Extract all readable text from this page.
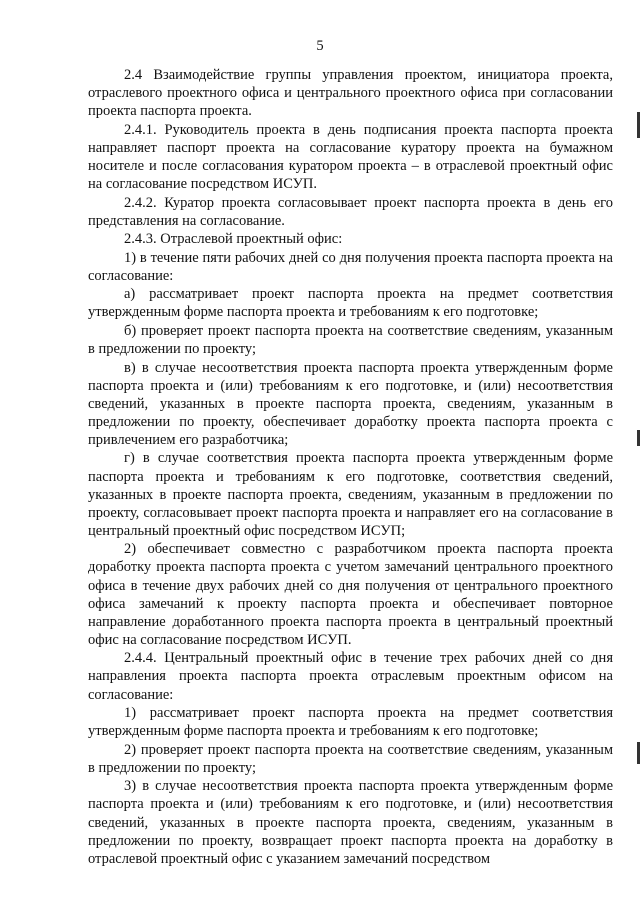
5

2.4 Взаимодействие группы управления проектом, инициатора проекта, отраслевого проектного офиса и центрального проектного офиса при согласовании проекта паспорта проекта.

2.4.1. Руководитель проекта в день подписания проекта паспорта проекта направляет паспорт проекта на согласование куратору проекта на бумажном носителе и после согласования куратором проекта – в отраслевой проектный офис на согласование посредством ИСУП.

2.4.2. Куратор проекта согласовывает проект паспорта проекта в день его представления на согласование.

2.4.3. Отраслевой проектный офис:

1) в течение пяти рабочих дней со дня получения проекта паспорта проекта на согласование:

а) рассматривает проект паспорта проекта на предмет соответствия утвержденным форме паспорта проекта и требованиям к его подготовке;

б) проверяет проект паспорта проекта на соответствие сведениям, указанным в предложении по проекту;

в) в случае несоответствия проекта паспорта проекта утвержденным форме паспорта проекта и (или) требованиям к его подготовке, и (или) несоответствия сведений, указанных в проекте паспорта проекта, сведениям, указанным в предложении по проекту, обеспечивает доработку проекта паспорта проекта с привлечением его разработчика;

г) в случае соответствия проекта паспорта проекта утвержденным форме паспорта проекта и требованиям к его подготовке, соответствия сведений, указанных в проекте паспорта проекта, сведениям, указанным в предложении по проекту, согласовывает проект паспорта проекта и направляет его на согласование в центральный проектный офис посредством ИСУП;

2) обеспечивает совместно с разработчиком проекта паспорта проекта доработку проекта паспорта проекта с учетом замечаний центрального проектного офиса в течение двух рабочих дней со дня получения от центрального проектного офиса замечаний к проекту паспорта проекта и обеспечивает повторное направление доработанного проекта паспорта проекта в центральный проектный офис на согласование посредством ИСУП.

2.4.4. Центральный проектный офис в течение трех рабочих дней со дня направления проекта паспорта проекта отраслевым проектным офисом на согласование:

1) рассматривает проект паспорта проекта на предмет соответствия утвержденным форме паспорта проекта и требованиям к его подготовке;

2) проверяет проект паспорта проекта на соответствие сведениям, указанным в предложении по проекту;

3) в случае несоответствия проекта паспорта проекта утвержденным форме паспорта проекта и (или) требованиям к его подготовке, и (или) несоответствия сведений, указанных в проекте паспорта проекта, сведениям, указанным в предложении по проекту, возвращает проект паспорта проекта на доработку в отраслевой проектный офис с указанием замечаний посредством
